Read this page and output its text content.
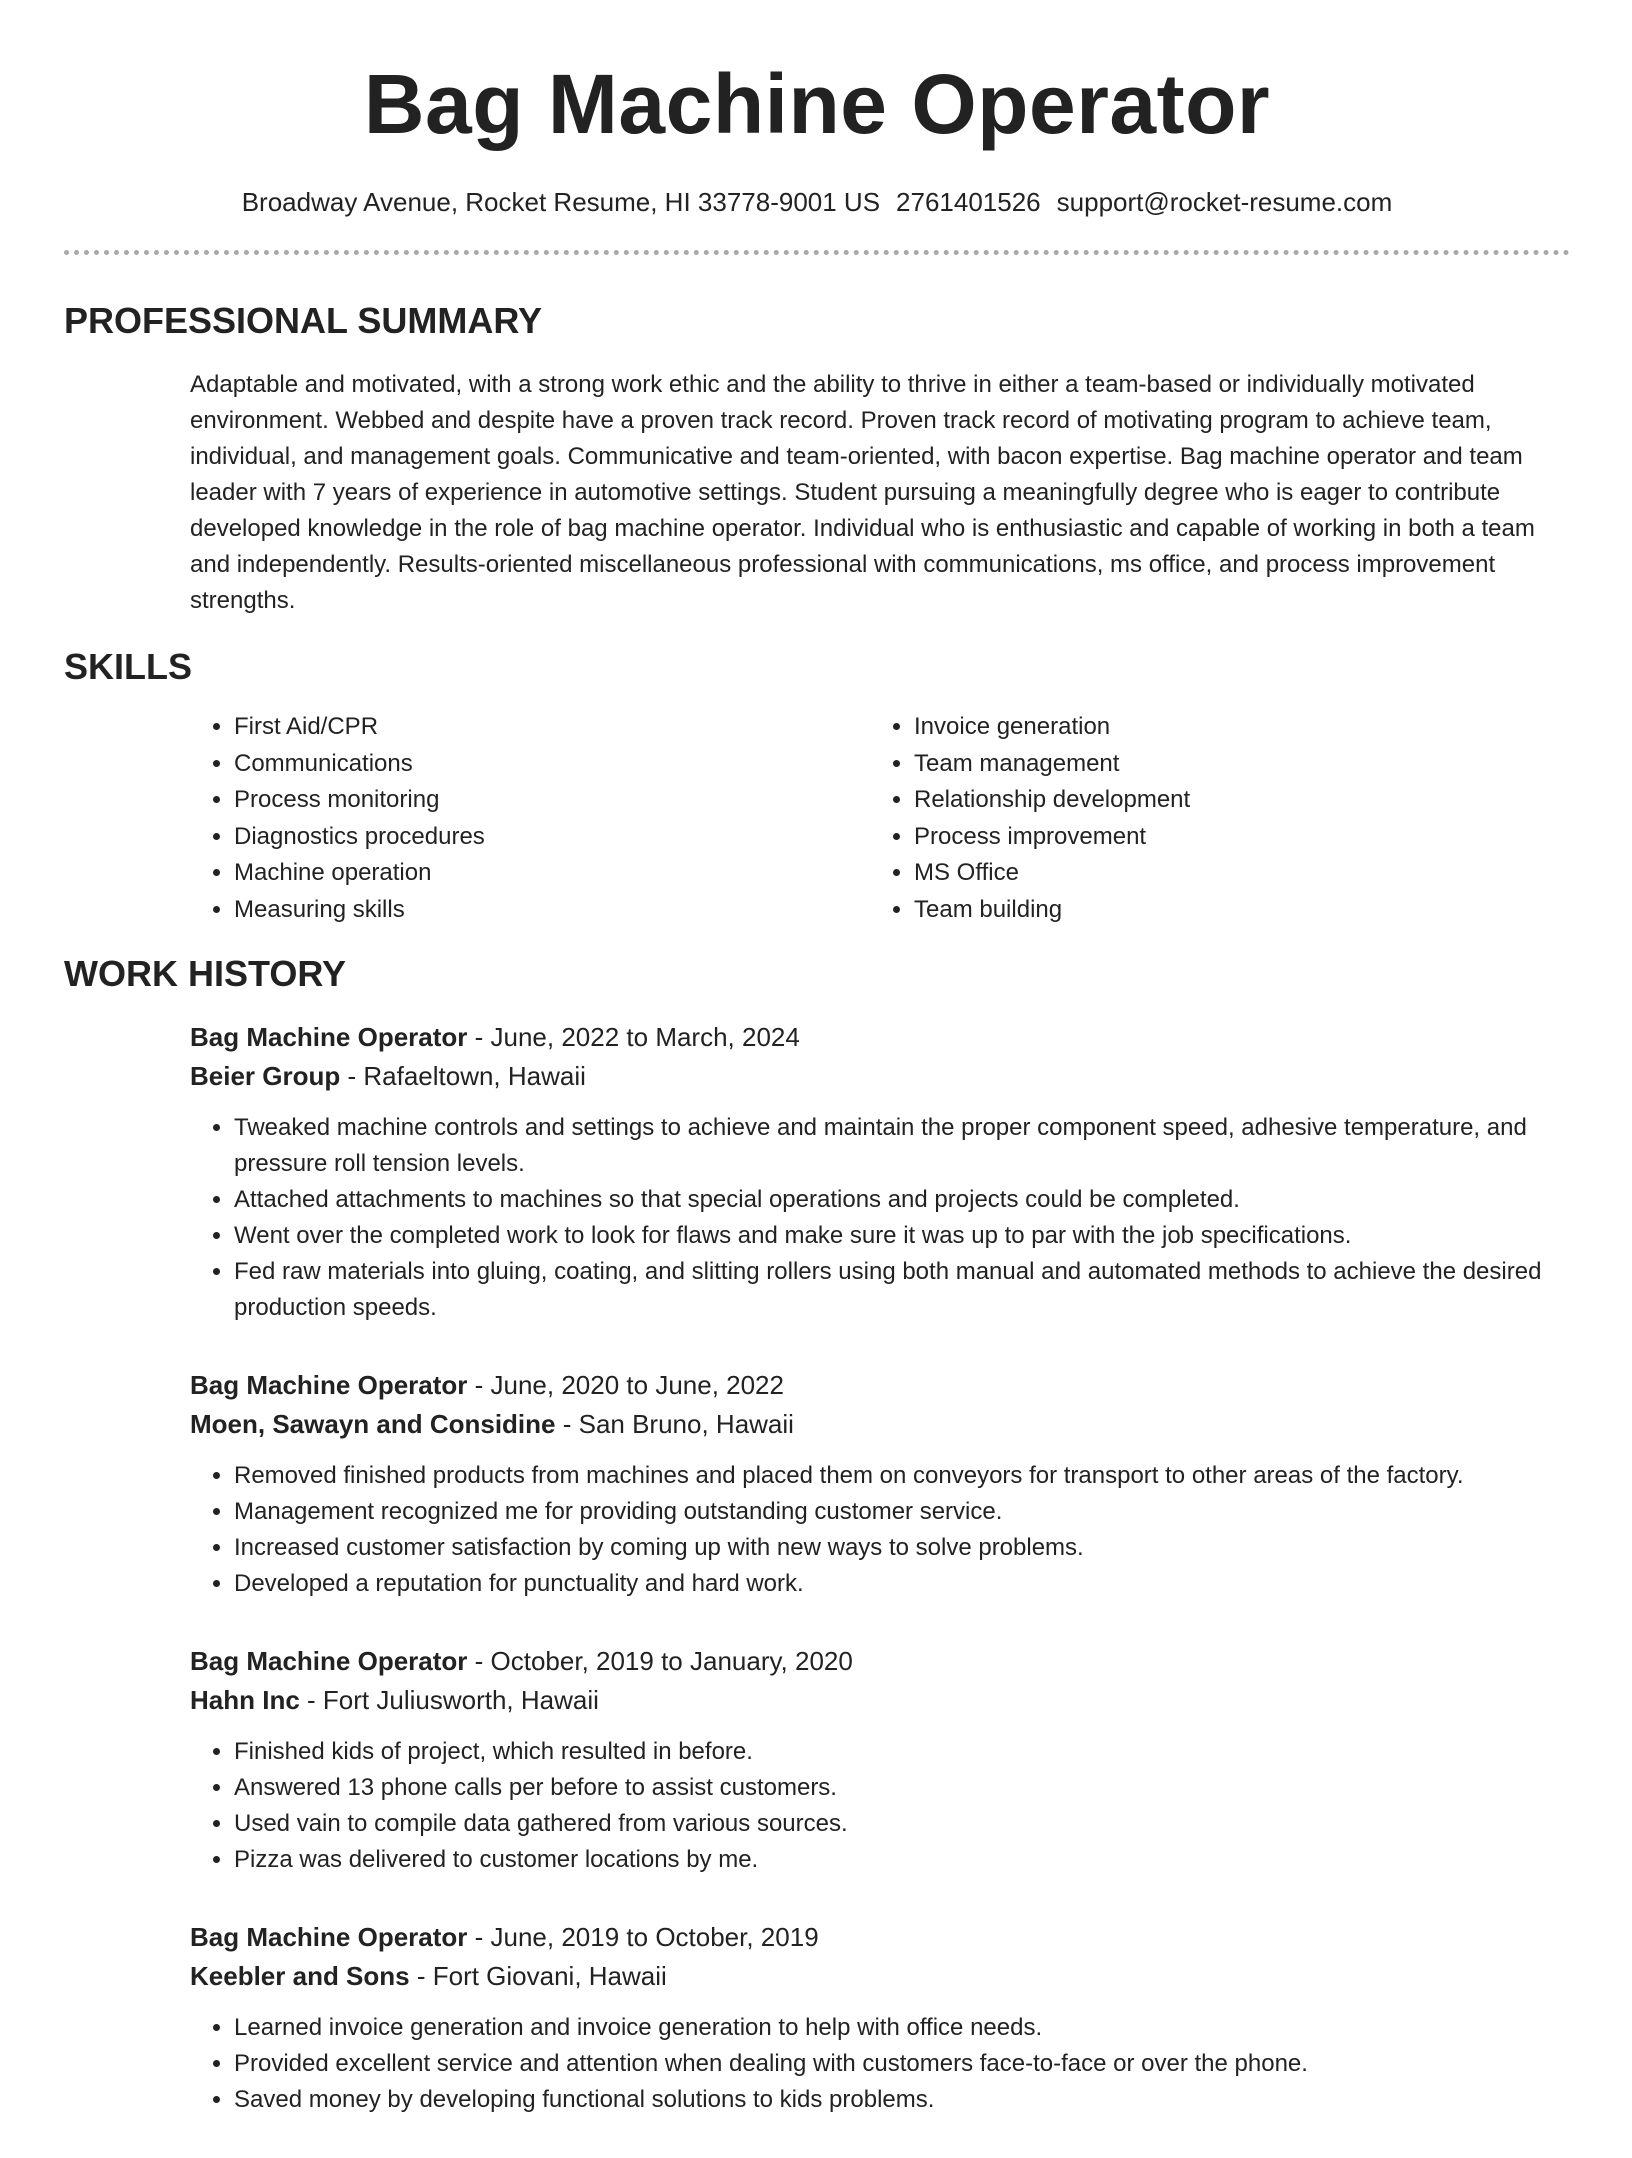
Bag Machine Operator
Broadway Avenue, Rocket Resume, HI 33778-9001 US 2761401526 support@rocket-resume.com
PROFESSIONAL SUMMARY

Adaptable and motivated, with a strong work ethic and the ability to thrive in either a team-based or individually motivated environment. Webbed and despite have a proven track record. Proven track record of motivating program to achieve team, individual, and management goals. Communicative and team-oriented, with bacon expertise. Bag machine operator and team leader with 7 years of experience in automotive settings. Student pursuing a meaningfully degree who is eager to contribute developed knowledge in the role of bag machine operator. Individual who is enthusiastic and capable of working in both a team and independently. Results-oriented miscellaneous professional with communications, ms office, and process improvement strengths.

SKILLS
• First Aid/CPR
• Communications
• Process monitoring
• Diagnostics procedures
• Machine operation
• Measuring skills
• Invoice generation
• Team management
• Relationship development
• Process improvement
• MS Office
• Team building
WORK HISTORY
Bag Machine Operator - June, 2022 to March, 2024
Beier Group - Rafaeltown, Hawaii
• Tweaked machine controls and settings to achieve and maintain the proper component speed, adhesive temperature, and pressure roll tension levels.
• Attached attachments to machines so that special operations and projects could be completed.
• Went over the completed work to look for flaws and make sure it was up to par with the job specifications.
• Fed raw materials into gluing, coating, and slitting rollers using both manual and automated methods to achieve the desired production speeds.
Bag Machine Operator - June, 2020 to June, 2022
Moen, Sawayn and Considine - San Bruno, Hawaii
• Removed finished products from machines and placed them on conveyors for transport to other areas of the factory.
• Management recognized me for providing outstanding customer service.
• Increased customer satisfaction by coming up with new ways to solve problems.
• Developed a reputation for punctuality and hard work.
Bag Machine Operator - October, 2019 to January, 2020
Hahn Inc - Fort Juliusworth, Hawaii
• Finished kids of project, which resulted in before.
• Answered 13 phone calls per before to assist customers.
• Used vain to compile data gathered from various sources.
• Pizza was delivered to customer locations by me.
Bag Machine Operator - June, 2019 to October, 2019
Keebler and Sons - Fort Giovani, Hawaii
• Learned invoice generation and invoice generation to help with office needs.
• Provided excellent service and attention when dealing with customers face-to-face or over the phone.
• Saved money by developing functional solutions to kids problems.
